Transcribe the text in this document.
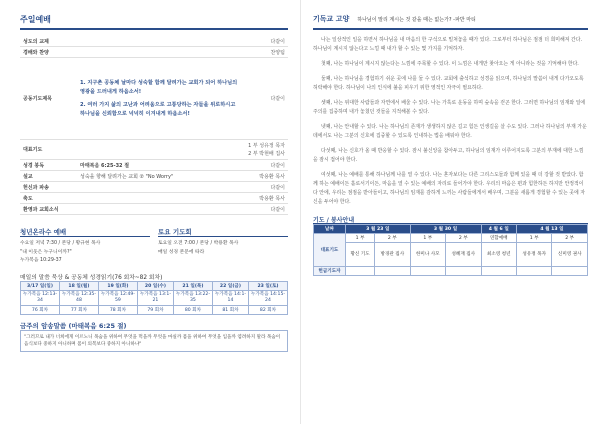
주일예배
성도의 교제	다같이
경배와 찬양	찬양팀
공동기도제목

1. 지구촌 공동체 날마다 성숙할 함께 달려가는 교회가 되어 하나님의 영광을 드러내게 하옵소서!

2. 여러 가지 삶의 고난과 어려움으로 고통당하는 자들을 위로하시고 하나님을 신뢰함으로 넉넉히 이겨내게 하옵소서!

다같이
대표기도
1 부 성유정 목자
2 부 박현배 집사
성경 봉독	마태복음 6:25-32 절	다같이
설교	성숙을 향해 달려가는 교회 ② "No Worry"	박용환 목사
헌신과 파송	다같이
축도	박용환 목사
환영과 교회소식	다같이
청년온라수 예배
수요일 저녁 7:30 / 본당 / 황규현 목사
"내 이웃은 누구니이까?"
누가복음 10:29-37
토요 기도회
토요일 오전 7:00 / 본당 / 박용환 목사
매일 성경 본문에 따라
매일의 말씀 묵상 & 공동체 성경읽기(76 회차~82 회차)
3/17 일(일)	18 일(월)	19 일(화)	20 일(수)	21 일(목)	22 일(금)	23 일(토)
누가복음 12:13-34	누가복음 12:35-48	누가복음 12:49-59	누가복음 13:1-21	누가복음 13:22-35	누가복음 14:1-14	누가복음 14:15-24
76 회차	77 회차	78 회차	79 회차	80 회차	81 회차	82 회차
금주의 암송말씀 (마태복음 6:25 절)
"그러므로 내가 너희에게 이르노니 목숨을 위하여 무엇을 먹을까 무엇을 마실까 몸을 위하여 무엇을 입을까 염려하지 말라 목숨이 음식보다 중하지 아니하며 몸이 의복보다 중하지 아니하냐"
기독교 고양 하나님이 말리 계시는 것 같을 때는 없는가? -파반 마티

나는 일상적인 일을 하면서 하나님을 내 마음의 한 구석으로 밀쳐놓을 때가 있다. 그로부터 하나님은 점점 더 희미해져 간다. 하나님이 계시지 않는다고 느낄 때 내가 할 수 있는 몇 가지를 기억하자.

첫째, 나는 하나님이 계시지 않는다는 느낌에 주목할 수 있다. 이 느낌은 내게만 찾아오는 게 아니라는 것을 기억해야 한다.

둘째, 나는 하나님을 경험하기 쉬운 곳에 나를 둘 수 있다. 교회에 출석하고 성경을 읽으며, 하나님의 말씀이 내게 다가오도록 허락해야 한다. 하나님이 나의 인식에 불을 피우기 위한 영적인 자극이 필요하다.

셋째, 나는 위대한 사람들과 자연에서 배울 수 있다. 나는 가혹로 운동을 하며 숲속을 걷곤 한다. 그러면 하나님의 임재와 일에 주의를 집중하며 내가 놓쳤던 것들을 지적해볼 수 있다.

넷째, 나는 안내할 수 있다. 나는 하나님의 존재가 생생하지 않은 길고 힘든 인생길을 살 수도 있다. 그러나 하나님의 부재 가운데에서도 나는 그분의 신호에 집중할 수 있도록 인내하는 법을 배워야 한다.

다섯째, 나는 신호가 올 때 반응할 수 있다. 잠시 불신앙을 참아두고, 하나님의 임재가 이루어지도록 그분의 부재에 대한 느낌을 잠시 접어야 한다.

여섯째, 나는 예배를 통해 하나님께 나를 열 수 있다. 나는 혼자보다는 다른 그리스도들과 함께 있을 때 더 강할 것 받았다. 함께 하는 예배이든 홀로서기이든, 마음을 열 수 있는 예배의 자리로 들어가야 한다. 우리의 마음은 편과 힘한하든 하지만 안정적이다 안에, 우리는 점점을 받아들이고, 하나님의 임재를 감하게 느끼는 사람들에게서 배우며, 그분을 새롭게 경험할 수 있는 곳에 자신을 두어야 한다.

기도 / 봉사안내
날짜	3 월 23 일		3 월 30 일		4 월 6 일	4 월 13 일	
대표기도	1 부	2 부	1 부	2 부	연합예배	1 부	2 부
	황신 기도	방경관 집사	한미나 사모	성혜재 집사	최소영 청년	성유정 목자	신미영 권사
헌금기도자							
